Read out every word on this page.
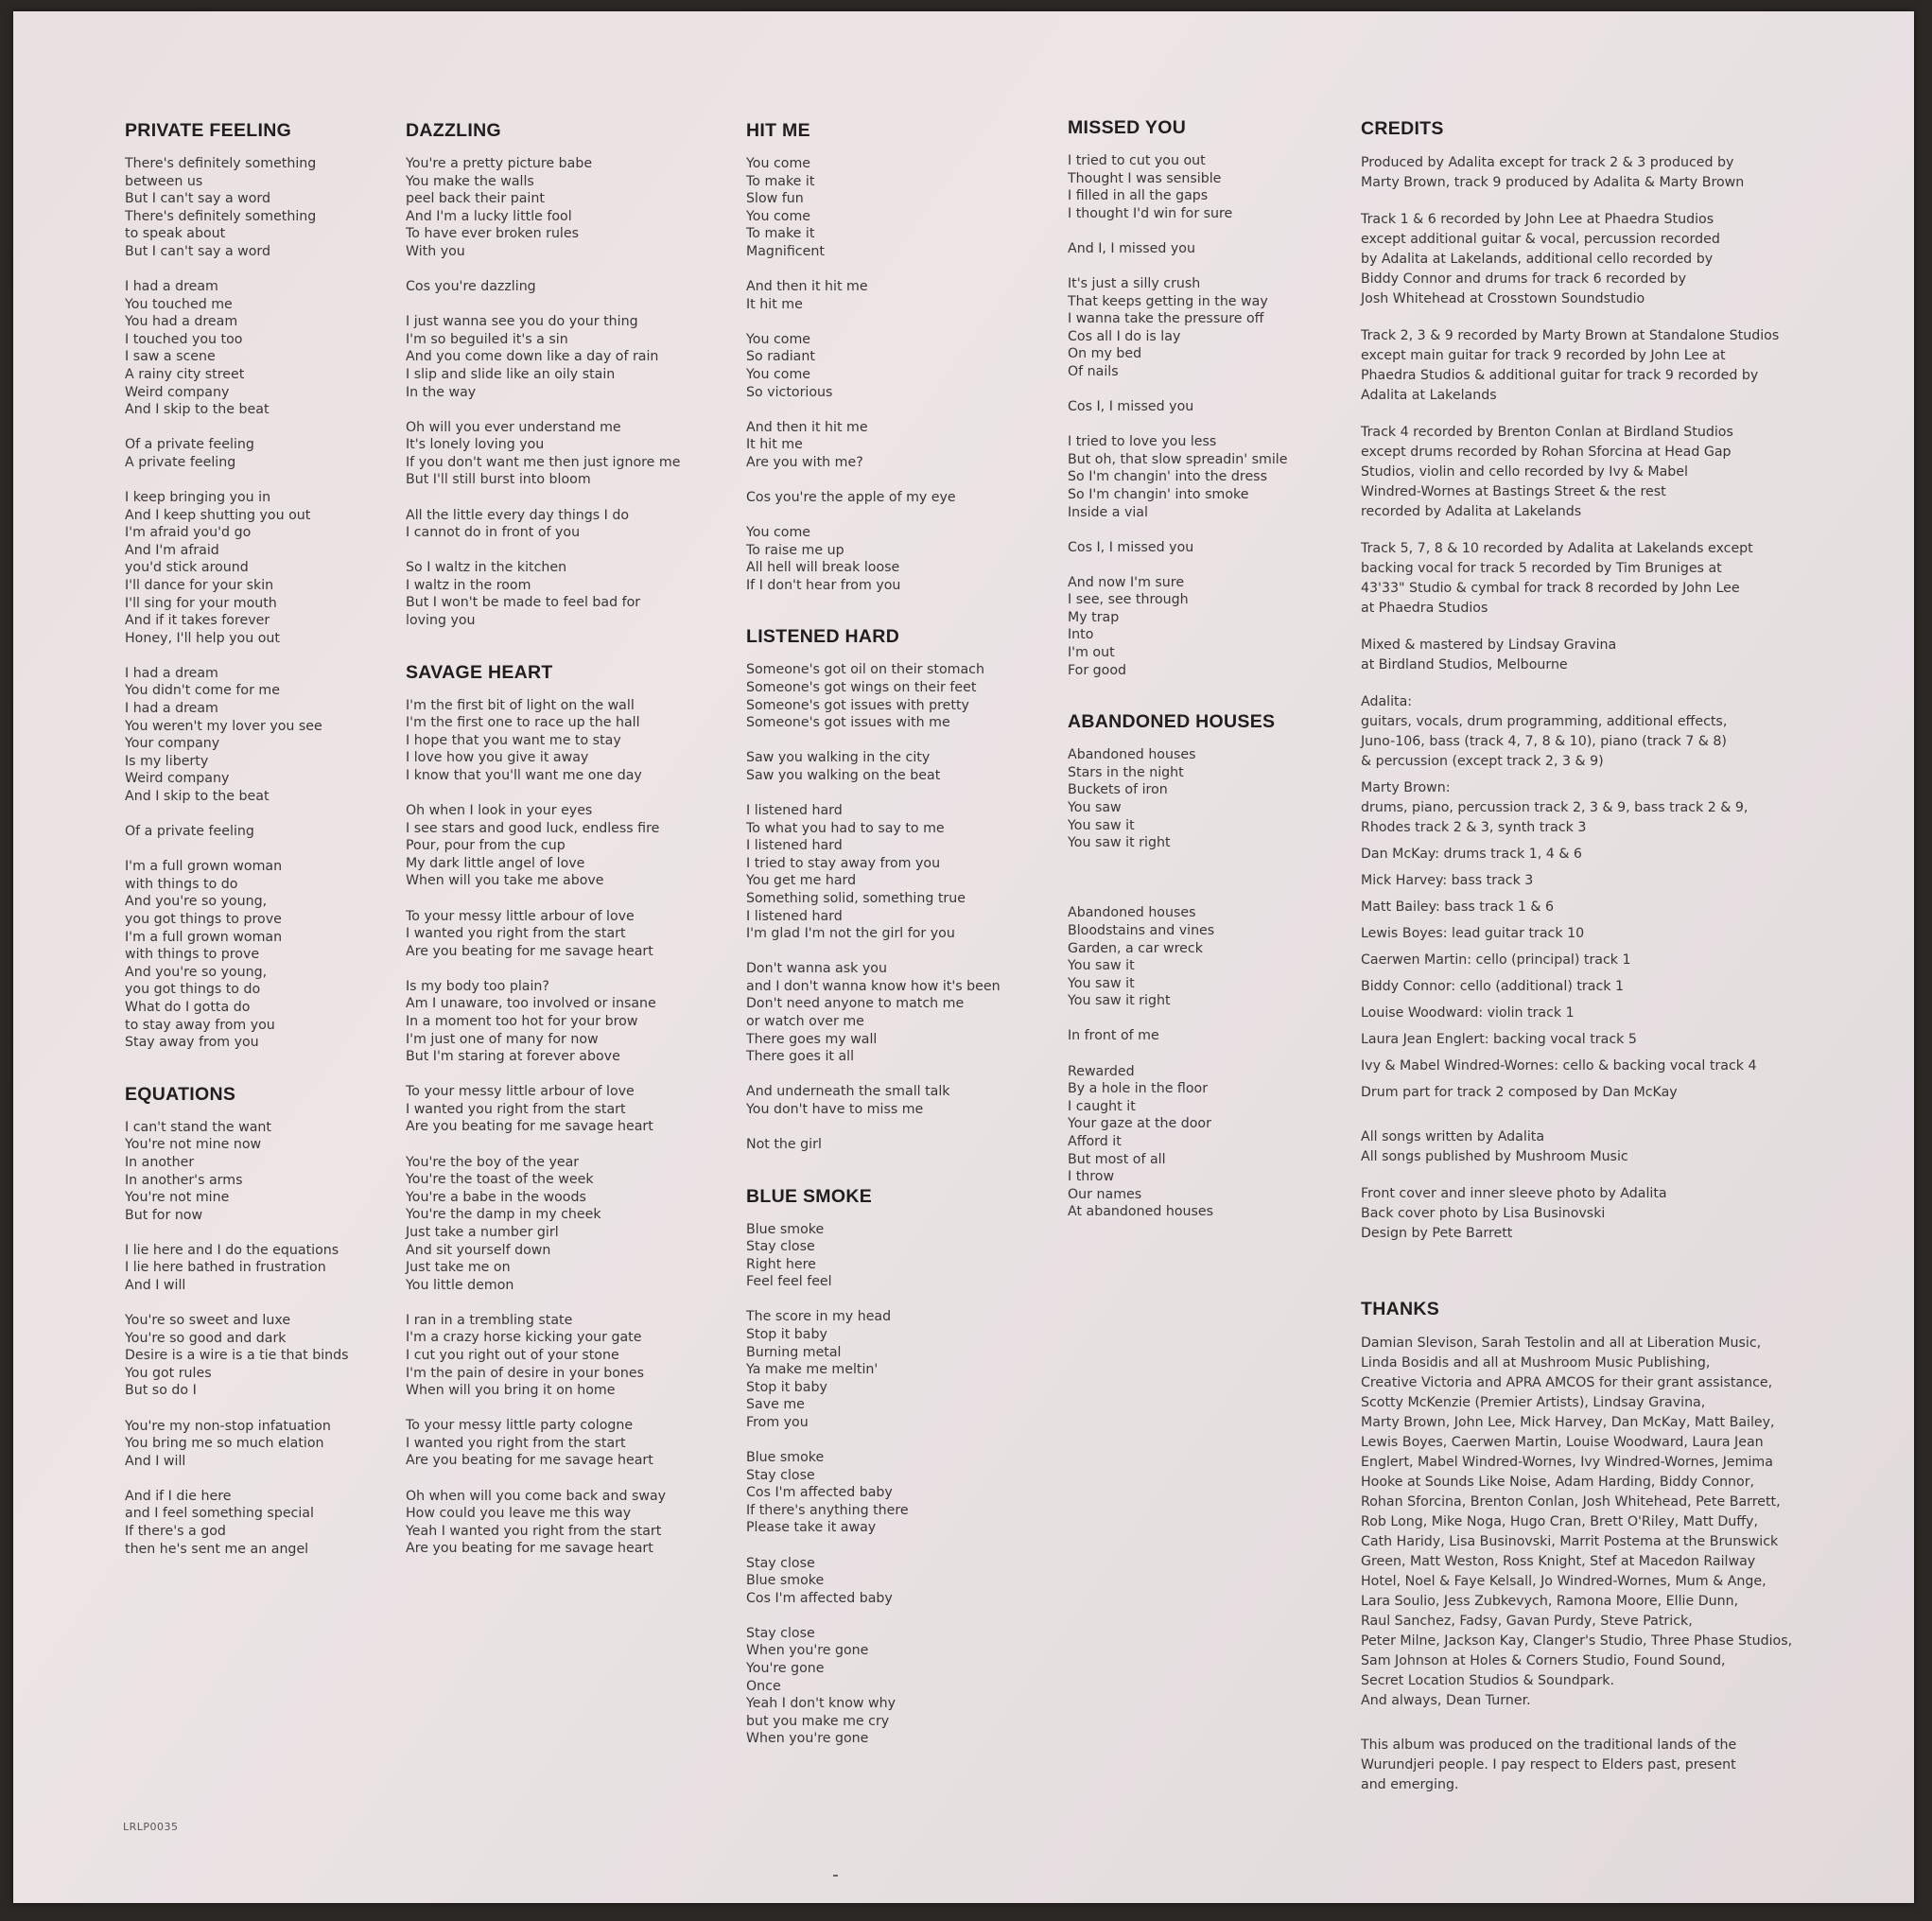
PRIVATE FEELING
There's definitely something
between us
But I can't say a word
There's definitely something
to speak about
But I can't say a word
I had a dream
You touched me
You had a dream
I touched you too
I saw a scene
A rainy city street
Weird company
And I skip to the beat
Of a private feeling
A private feeling
I keep bringing you in
And I keep shutting you out
I'm afraid you'd go
And I'm afraid
you'd stick around
I'll dance for your skin
I'll sing for your mouth
And if it takes forever
Honey, I'll help you out
I had a dream
You didn't come for me
I had a dream
You weren't my lover you see
Your company
Is my liberty
Weird company
And I skip to the beat
Of a private feeling
I'm a full grown woman
with things to do
And you're so young,
you got things to prove
I'm a full grown woman
with things to prove
And you're so young,
you got things to do
What do I gotta do
to stay away from you
Stay away from you
EQUATIONS
I can't stand the want
You're not mine now
In another
In another's arms
You're not mine
But for now
I lie here and I do the equations
I lie here bathed in frustration
And I will
You're so sweet and luxe
You're so good and dark
Desire is a wire is a tie that binds
You got rules
But so do I
You're my non-stop infatuation
You bring me so much elation
And I will
And if I die here
and I feel something special
If there's a god
then he's sent me an angel
DAZZLING
You're a pretty picture babe
You make the walls
peel back their paint
And I'm a lucky little fool
To have ever broken rules
With you
Cos you're dazzling
I just wanna see you do your thing
I'm so beguiled it's a sin
And you come down like a day of rain
I slip and slide like an oily stain
In the way
Oh will you ever understand me
It's lonely loving you
If you don't want me then just ignore me
But I'll still burst into bloom
All the little every day things I do
I cannot do in front of you
So I waltz in the kitchen
I waltz in the room
But I won't be made to feel bad for
loving you
SAVAGE HEART
I'm the first bit of light on the wall
I'm the first one to race up the hall
I hope that you want me to stay
I love how you give it away
I know that you'll want me one day
Oh when I look in your eyes
I see stars and good luck, endless fire
Pour, pour from the cup
My dark little angel of love
When will you take me above
To your messy little arbour of love
I wanted you right from the start
Are you beating for me savage heart
Is my body too plain?
Am I unaware, too involved or insane
In a moment too hot for your brow
I'm just one of many for now
But I'm staring at forever above
To your messy little arbour of love
I wanted you right from the start
Are you beating for me savage heart
You're the boy of the year
You're the toast of the week
You're a babe in the woods
You're the damp in my cheek
Just take a number girl
And sit yourself down
Just take me on
You little demon
I ran in a trembling state
I'm a crazy horse kicking your gate
I cut you right out of your stone
I'm the pain of desire in your bones
When will you bring it on home
To your messy little party cologne
I wanted you right from the start
Are you beating for me savage heart
Oh when will you come back and sway
How could you leave me this way
Yeah I wanted you right from the start
Are you beating for me savage heart
HIT ME
You come
To make it
Slow fun
You come
To make it
Magnificent
And then it hit me
It hit me
You come
So radiant
You come
So victorious
And then it hit me
It hit me
Are you with me?
Cos you're the apple of my eye
You come
To raise me up
All hell will break loose
If I don't hear from you
LISTENED HARD
Someone's got oil on their stomach
Someone's got wings on their feet
Someone's got issues with pretty
Someone's got issues with me
Saw you walking in the city
Saw you walking on the beat
I listened hard
To what you had to say to me
I listened hard
I tried to stay away from you
You get me hard
Something solid, something true
I listened hard
I'm glad I'm not the girl for you
Don't wanna ask you
and I don't wanna know how it's been
Don't need anyone to match me
or watch over me
There goes my wall
There goes it all
And underneath the small talk
You don't have to miss me
Not the girl
BLUE SMOKE
Blue smoke
Stay close
Right here
Feel feel feel
The score in my head
Stop it baby
Burning metal
Ya make me meltin'
Stop it baby
Save me
From you
Blue smoke
Stay close
Cos I'm affected baby
If there's anything there
Please take it away
Stay close
Blue smoke
Cos I'm affected baby
Stay close
When you're gone
You're gone
Once
Yeah I don't know why
but you make me cry
When you're gone
MISSED YOU
I tried to cut you out
Thought I was sensible
I filled in all the gaps
I thought I'd win for sure
And I, I missed you
It's just a silly crush
That keeps getting in the way
I wanna take the pressure off
Cos all I do is lay
On my bed
Of nails
Cos I, I missed you
I tried to love you less
But oh, that slow spreadin' smile
So I'm changin' into the dress
So I'm changin' into smoke
Inside a vial
Cos I, I missed you
And now I'm sure
I see, see through
My trap
Into
I'm out
For good
ABANDONED HOUSES
Abandoned houses
Stars in the night
Buckets of iron
You saw
You saw it
You saw it right

Abandoned houses
Bloodstains and vines
Garden, a car wreck
You saw it
You saw it
You saw it right
In front of me
Rewarded
By a hole in the floor
I caught it
Your gaze at the door
Afford it
But most of all
I throw
Our names
At abandoned houses
CREDITS
Produced by Adalita except for track 2 & 3 produced by
Marty Brown, track 9 produced by Adalita & Marty Brown
Track 1 & 6 recorded by John Lee at Phaedra Studios
except additional guitar & vocal, percussion recorded
by Adalita at Lakelands, additional cello recorded by
Biddy Connor and drums for track 6 recorded by
Josh Whitehead at Crosstown Soundstudio
Track 2, 3 & 9 recorded by Marty Brown at Standalone Studios
except main guitar for track 9 recorded by John Lee at
Phaedra Studios & additional guitar for track 9 recorded by
Adalita at Lakelands
Track 4 recorded by Brenton Conlan at Birdland Studios
except drums recorded by Rohan Sforcina at Head Gap
Studios, violin and cello recorded by Ivy & Mabel
Windred-Wornes at Bastings Street & the rest
recorded by Adalita at Lakelands
Track 5, 7, 8 & 10 recorded by Adalita at Lakelands except
backing vocal for track 5 recorded by Tim Bruniges at
43'33" Studio & cymbal for track 8 recorded by John Lee
at Phaedra Studios
Mixed & mastered by Lindsay Gravina
at Birdland Studios, Melbourne
Adalita:
guitars, vocals, drum programming, additional effects,
Juno-106, bass (track 4, 7, 8 & 10), piano (track 7 & 8)
& percussion (except track 2, 3 & 9)
Marty Brown:
drums, piano, percussion track 2, 3 & 9, bass track 2 & 9,
Rhodes track 2 & 3, synth track 3
Dan McKay: drums track 1, 4 & 6
Mick Harvey: bass track 3
Matt Bailey: bass track 1 & 6
Lewis Boyes: lead guitar track 10
Caerwen Martin: cello (principal) track 1
Biddy Connor: cello (additional) track 1
Louise Woodward: violin track 1
Laura Jean Englert: backing vocal track 5
Ivy & Mabel Windred-Wornes: cello & backing vocal track 4
Drum part for track 2 composed by Dan McKay
All songs written by Adalita
All songs published by Mushroom Music
Front cover and inner sleeve photo by Adalita
Back cover photo by Lisa Businovski
Design by Pete Barrett
THANKS
Damian Slevison, Sarah Testolin and all at Liberation Music,
Linda Bosidis and all at Mushroom Music Publishing,
Creative Victoria and APRA AMCOS for their grant assistance,
Scotty McKenzie (Premier Artists), Lindsay Gravina,
Marty Brown, John Lee, Mick Harvey, Dan McKay, Matt Bailey,
Lewis Boyes, Caerwen Martin, Louise Woodward, Laura Jean
Englert, Mabel Windred-Wornes, Ivy Windred-Wornes, Jemima
Hooke at Sounds Like Noise, Adam Harding, Biddy Connor,
Rohan Sforcina, Brenton Conlan, Josh Whitehead, Pete Barrett,
Rob Long, Mike Noga, Hugo Cran, Brett O'Riley, Matt Duffy,
Cath Haridy, Lisa Businovski, Marrit Postema at the Brunswick
Green, Matt Weston, Ross Knight, Stef at Macedon Railway
Hotel, Noel & Faye Kelsall, Jo Windred-Wornes, Mum & Ange,
Lara Soulio, Jess Zubkevych, Ramona Moore, Ellie Dunn,
Raul Sanchez, Fadsy, Gavan Purdy, Steve Patrick,
Peter Milne, Jackson Kay, Clanger's Studio, Three Phase Studios,
Sam Johnson at Holes & Corners Studio, Found Sound,
Secret Location Studios & Soundpark.
And always, Dean Turner.
This album was produced on the traditional lands of the
Wurundjeri people. I pay respect to Elders past, present
and emerging.
LRLP0035
